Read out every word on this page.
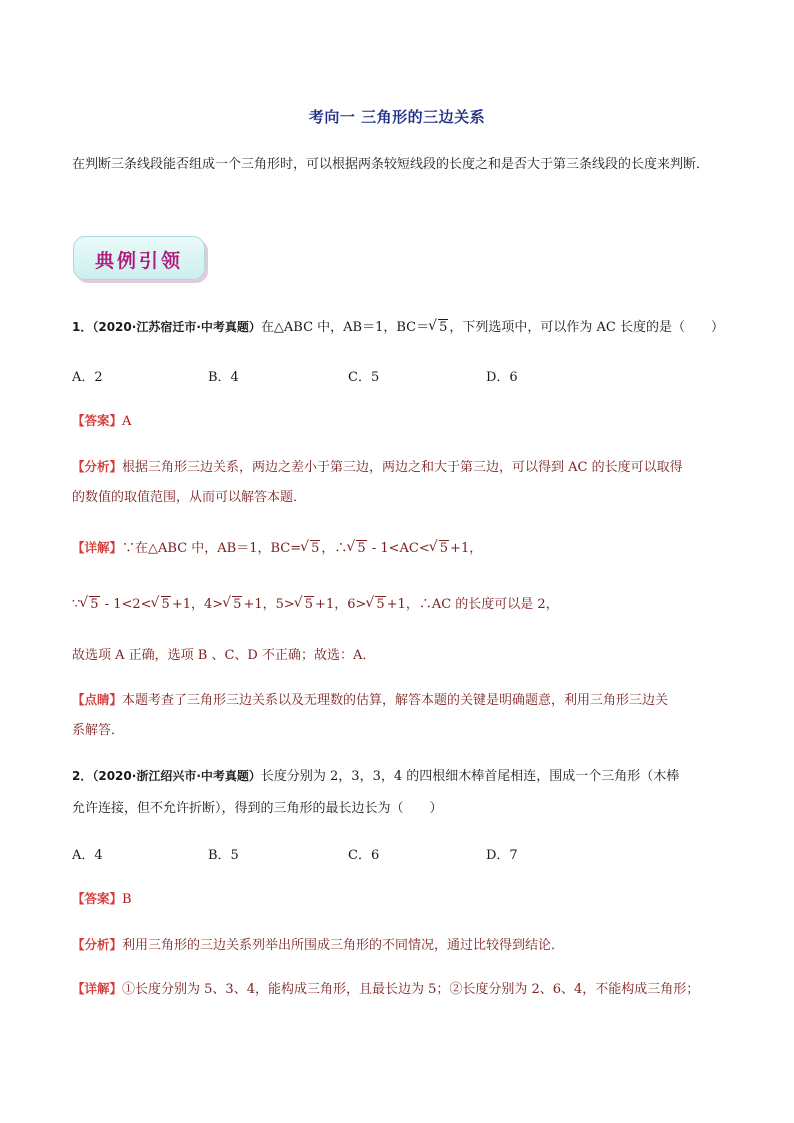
考向一 三角形的三边关系
在判断三条线段能否组成一个三角形时，可以根据两条较短线段的长度之和是否大于第三条线段的长度来判断．
典例引领
1．（2020·江苏宿迁市·中考真题）在△ABC 中，AB＝1，BC＝ √ 5 ，下列选项中，可以作为 AC 长度的是（　　）
A．2	B．4	C．5	D．6
【答案】A
【分析】根据三角形三边关系，两边之差小于第三边，两边之和大于第三边，可以得到 AC 的长度可以取得
的数值的取值范围，从而可以解答本题．
【详解】∵在△ABC 中，AB＝1，BC= √ 5 ，∴ √ 5 - 1<AC< √ 5 +1，
∵ √ 5 - 1<2< √ 5 +1，4> √ 5 +1，5> √ 5 +1，6> √ 5 +1，∴AC 的长度可以是 2，
故选项 A 正确，选项 B 、C、D 不正确；故选：A．
【点睛】本题考查了三角形三边关系以及无理数的估算，解答本题的关键是明确题意，利用三角形三边关
系解答．
2．（2020·浙江绍兴市·中考真题）长度分别为 2，3，3，4 的四根细木棒首尾相连，围成一个三角形（木棒
允许连接，但不允许折断），得到的三角形的最长边长为（　　）
A．4	B．5	C．6	D．7
【答案】B
【分析】利用三角形的三边关系列举出所围成三角形的不同情况，通过比较得到结论．
【详解】①长度分别为 5、3、4，能构成三角形，且最长边为 5；②长度分别为 2、6、4，不能构成三角形；
